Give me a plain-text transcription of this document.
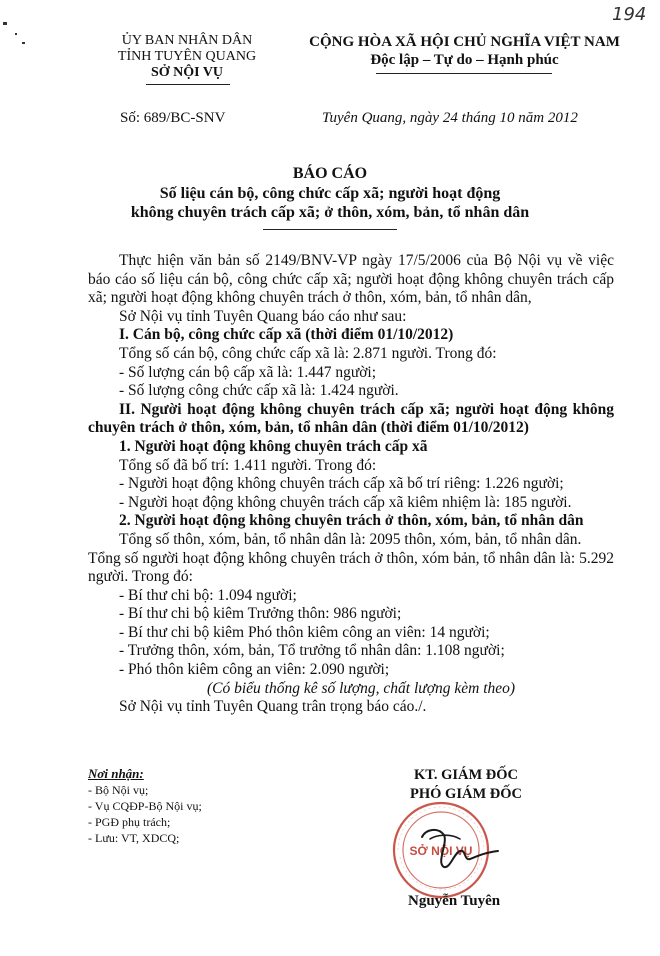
194
ỦY BAN NHÂN DÂN
TỈNH TUYÊN QUANG
SỞ NỘI VỤ
CỘNG HÒA XÃ HỘI CHỦ NGHĨA VIỆT NAM
Độc lập – Tự do – Hạnh phúc
Số: 689/BC-SNV	Tuyên Quang, ngày 24 tháng 10 năm 2012
BÁO CÁO
Số liệu cán bộ, công chức cấp xã; người hoạt động
không chuyên trách cấp xã; ở thôn, xóm, bản, tổ nhân dân

Thực hiện văn bản số 2149/BNV-VP ngày 17/5/2006 của Bộ Nội vụ về việc báo cáo số liệu cán bộ, công chức cấp xã; người hoạt động không chuyên trách cấp xã; người hoạt động không chuyên trách ở thôn, xóm, bản, tổ nhân dân,

Sở Nội vụ tỉnh Tuyên Quang báo cáo như sau:

I. Cán bộ, công chức cấp xã (thời điểm 01/10/2012)

Tổng số cán bộ, công chức cấp xã là: 2.871 người. Trong đó:

- Số lượng cán bộ cấp xã là: 1.447 người;

- Số lượng công chức cấp xã là: 1.424 người.

II. Người hoạt động không chuyên trách cấp xã; người hoạt động không chuyên trách ở thôn, xóm, bản, tổ nhân dân (thời điểm 01/10/2012)

1. Người hoạt động không chuyên trách cấp xã

Tổng số đã bố trí: 1.411 người. Trong đó:

- Người hoạt động không chuyên trách cấp xã bố trí riêng: 1.226 người;

- Người hoạt động không chuyên trách cấp xã kiêm nhiệm là: 185 người.

2. Người hoạt động không chuyên trách ở thôn, xóm, bản, tổ nhân dân

Tổng số thôn, xóm, bản, tổ nhân dân là: 2095 thôn, xóm, bản, tổ nhân dân.

Tổng số người hoạt động không chuyên trách ở thôn, xóm bản, tổ nhân dân là: 5.292 người. Trong đó:

- Bí thư chi bộ: 1.094 người;

- Bí thư chi bộ kiêm Trưởng thôn: 986 người;

- Bí thư chi bộ kiêm Phó thôn kiêm công an viên: 14 người;

- Trưởng thôn, xóm, bản, Tổ trưởng tổ nhân dân: 1.108 người;

- Phó thôn kiêm công an viên: 2.090 người;

(Có biểu thống kê số lượng, chất lượng kèm theo)

Sở Nội vụ tỉnh Tuyên Quang trân trọng báo cáo./.

Nơi nhận:
- Bộ Nội vụ;
- Vụ CQĐP-Bộ Nội vụ;
- PGĐ phụ trách;
- Lưu: VT, XDCQ;
KT. GIÁM ĐỐC
PHÓ GIÁM ĐỐC
SỞ NỘI VỤ
Nguyễn Tuyên
